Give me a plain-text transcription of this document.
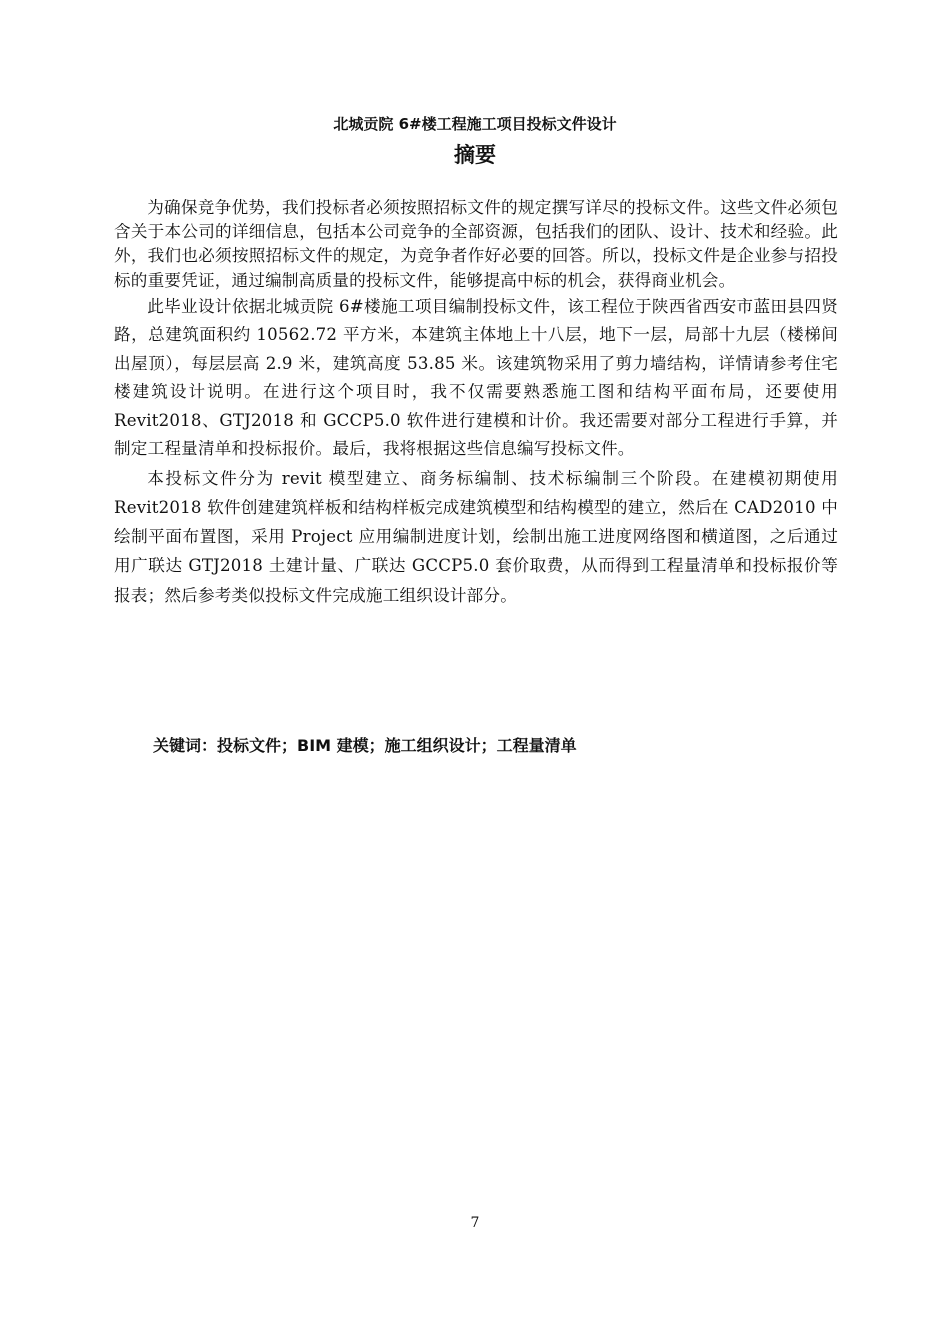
北城贡院 6#楼工程施工项目投标文件设计
摘要

为确保竞争优势，我们投标者必须按照招标文件的规定撰写详尽的投标文件。这些文件必须包含关于本公司的详细信息，包括本公司竞争的全部资源，包括我们的团队、设计、技术和经验。此外，我们也必须按照招标文件的规定，为竞争者作好必要的回答。所以，投标文件是企业参与招投标的重要凭证，通过编制高质量的投标文件，能够提高中标的机会，获得商业机会。

此毕业设计依据北城贡院 6#楼施工项目编制投标文件，该工程位于陕西省西安市蓝田县四贤路，总建筑面积约 10562.72 平方米，本建筑主体地上十八层，地下一层，局部十九层（楼梯间出屋顶），每层层高 2.9 米，建筑高度 53.85 米。该建筑物采用了剪力墙结构，详情请参考住宅楼建筑设计说明。在进行这个项目时，我不仅需要熟悉施工图和结构平面布局，还要使用 Revit2018、GTJ2018 和 GCCP5.0 软件进行建模和计价。我还需要对部分工程进行手算，并制定工程量清单和投标报价。最后，我将根据这些信息编写投标文件。

本投标文件分为 revit 模型建立、商务标编制、技术标编制三个阶段。在建模初期使用 Revit2018 软件创建建筑样板和结构样板完成建筑模型和结构模型的建立，然后在 CAD2010 中绘制平面布置图，采用 Project 应用编制进度计划，绘制出施工进度网络图和横道图，之后通过用广联达 GTJ2018 土建计量、广联达 GCCP5.0 套价取费，从而得到工程量清单和投标报价等报表；然后参考类似投标文件完成施工组织设计部分。

关键词：投标文件；BIM 建模；施工组织设计；工程量清单

7
